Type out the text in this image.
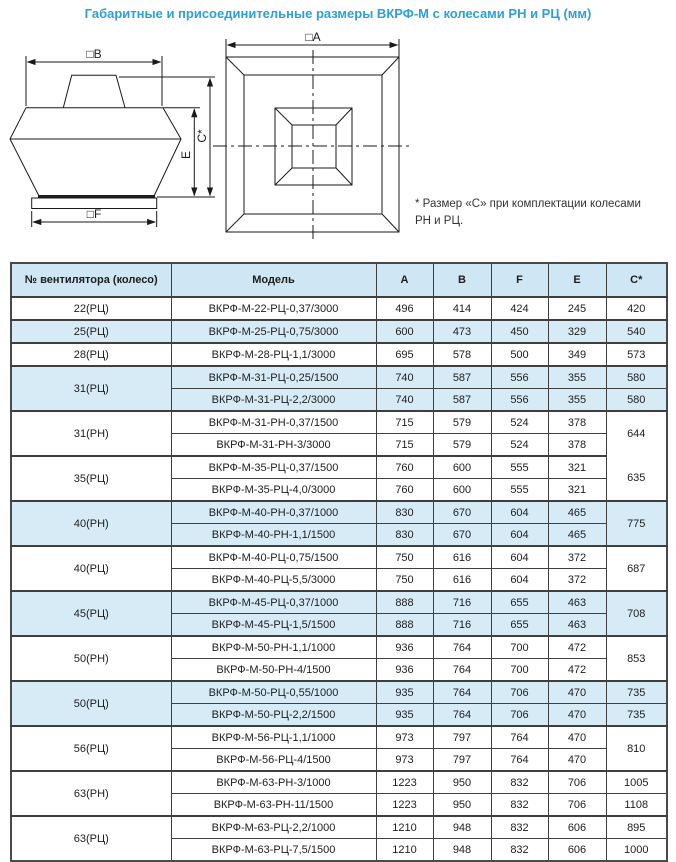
Габаритные и присоединительные размеры ВКРФ-М с колесами РН и РЦ (мм)
□B
□F
E
C*
□A
* Размер «С» при комплектации колесами
РН и РЦ.
№ вентилятора (колесо)	Модель	А	В	F	Е	С*
22(РЦ)	ВКРФ-М-22-РЦ-0,37/3000	496	414	424	245	420
25(РЦ)	ВКРФ-М-25-РЦ-0,75/3000	600	473	450	329	540
28(РЦ)	ВКРФ-М-28-РЦ-1,1/3000	695	578	500	349	573
31(РЦ)	ВКРФ-М-31-РЦ-0,25/1500	740	587	556	355	580
	ВКРФ-М-31-РЦ-2,2/3000	740	587	556	355	580
31(РН)	ВКРФ-М-31-РН-0,37/1500	715	579	524	378	644
	ВКРФ-М-31-РН-3/3000	715	579	524	378	
35(РЦ)	ВКРФ-М-35-РЦ-0,37/1500	760	600	555	321	635
	ВКРФ-М-35-РЦ-4,0/3000	760	600	555	321	
40(РН)	ВКРФ-М-40-РН-0,37/1000	830	670	604	465	775
	ВКРФ-М-40-РН-1,1/1500	830	670	604	465	
40(РЦ)	ВКРФ-М-40-РЦ-0,75/1500	750	616	604	372	687
	ВКРФ-М-40-РЦ-5,5/3000	750	616	604	372	
45(РЦ)	ВКРФ-М-45-РЦ-0,37/1000	888	716	655	463	708
	ВКРФ-М-45-РЦ-1,5/1500	888	716	655	463	
50(РН)	ВКРФ-М-50-РН-1,1/1000	936	764	700	472	853
	ВКРФ-М-50-РН-4/1500	936	764	700	472	
50(РЦ)	ВКРФ-М-50-РЦ-0,55/1000	935	764	706	470	735
	ВКРФ-М-50-РЦ-2,2/1500	935	764	706	470	735
56(РЦ)	ВКРФ-М-56-РЦ-1,1/1000	973	797	764	470	810
	ВКРФ-М-56-РЦ-4/1500	973	797	764	470	
63(РН)	ВКРФ-М-63-РН-3/1000	1223	950	832	706	1005
	ВКРФ-М-63-РН-11/1500	1223	950	832	706	1108
63(РЦ)	ВКРФ-М-63-РЦ-2,2/1000	1210	948	832	606	895
	ВКРФ-М-63-РЦ-7,5/1500	1210	948	832	606	1000
